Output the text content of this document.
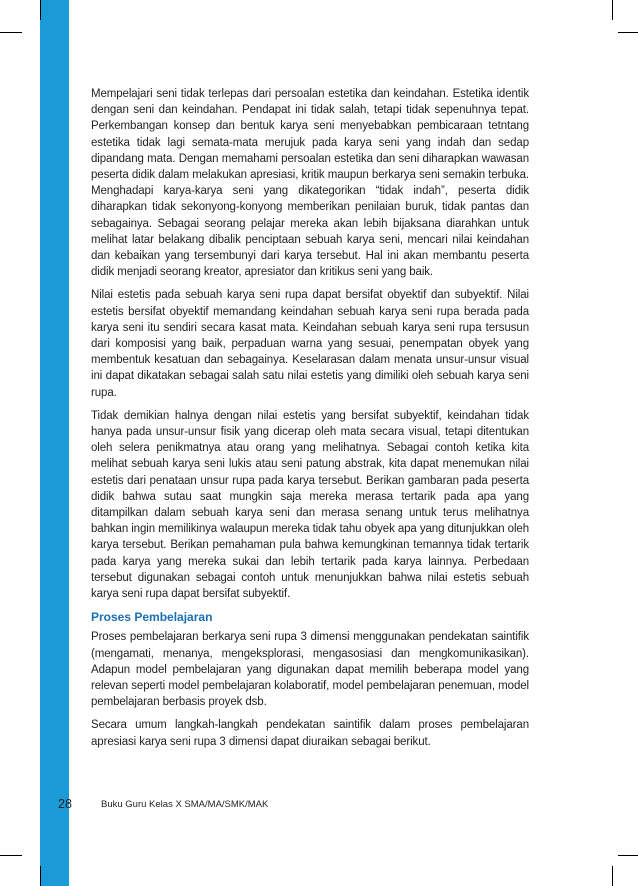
Mempelajari seni tidak terlepas dari persoalan estetika dan keindahan. Estetika identik dengan seni dan keindahan. Pendapat ini tidak salah, tetapi tidak sepenuhnya tepat. Perkembangan konsep dan bentuk karya seni menyebabkan pembicaraan tetntang estetika tidak lagi semata-mata merujuk pada karya seni yang indah dan sedap dipandang mata. Dengan memahami persoalan estetika dan seni diharapkan wawasan peserta didik dalam melakukan apresiasi, kritik maupun berkarya seni semakin terbuka. Menghadapi karya-karya seni yang dikategorikan “tidak indah”, peserta didik diharapkan tidak sekonyong-konyong memberikan penilaian buruk, tidak pantas dan sebagainya. Sebagai seorang pelajar mereka akan lebih bijaksana diarahkan untuk melihat latar belakang dibalik penciptaan sebuah karya seni, mencari nilai keindahan dan kebaikan yang tersembunyi dari karya tersebut. Hal ini akan membantu peserta didik menjadi seorang kreator, apresiator dan kritikus seni yang baik.

Nilai estetis pada sebuah karya seni rupa dapat bersifat obyektif dan subyektif. Nilai estetis bersifat obyektif memandang keindahan sebuah karya seni rupa berada pada karya seni itu sendiri secara kasat mata. Keindahan sebuah karya seni rupa tersusun dari komposisi yang baik, perpaduan warna yang sesuai, penempatan obyek yang membentuk kesatuan dan sebagainya. Keselarasan dalam menata unsur-unsur visual ini dapat dikatakan sebagai salah satu nilai estetis yang dimiliki oleh sebuah karya seni rupa.

Tidak demikian halnya dengan nilai estetis yang bersifat subyektif, keindahan tidak hanya pada unsur-unsur fisik yang dicerap oleh mata secara visual, tetapi ditentukan oleh selera penikmatnya atau orang yang melihatnya. Sebagai contoh ketika kita melihat sebuah karya seni lukis atau seni patung abstrak, kita dapat menemukan nilai estetis dari penataan unsur rupa pada karya tersebut. Berikan gambaran pada peserta didik bahwa sutau saat mungkin saja mereka merasa tertarik pada apa yang ditampilkan dalam sebuah karya seni dan merasa senang untuk terus melihatnya bahkan ingin memilikinya walaupun mereka tidak tahu obyek apa yang ditunjukkan oleh karya tersebut. Berikan pemahaman pula bahwa kemungkinan temannya tidak tertarik pada karya yang mereka sukai dan lebih tertarik pada karya lainnya. Perbedaan tersebut digunakan sebagai contoh untuk menunjukkan bahwa nilai estetis sebuah karya seni rupa dapat bersifat subyektif.

Proses Pembelajaran

Proses pembelajaran berkarya seni rupa 3 dimensi menggunakan pendekatan saintifik (mengamati, menanya, mengeksplorasi, mengasosiasi dan mengkomunikasikan). Adapun model pembelajaran yang digunakan dapat memilih beberapa model yang relevan seperti model pembelajaran kolaboratif, model pembelajaran penemuan, model pembelajaran berbasis proyek dsb.

Secara umum langkah-langkah pendekatan saintifik dalam proses pembelajaran apresiasi karya seni rupa 3 dimensi dapat diuraikan sebagai berikut.

28	Buku Guru Kelas X SMA/MA/SMK/MAK
